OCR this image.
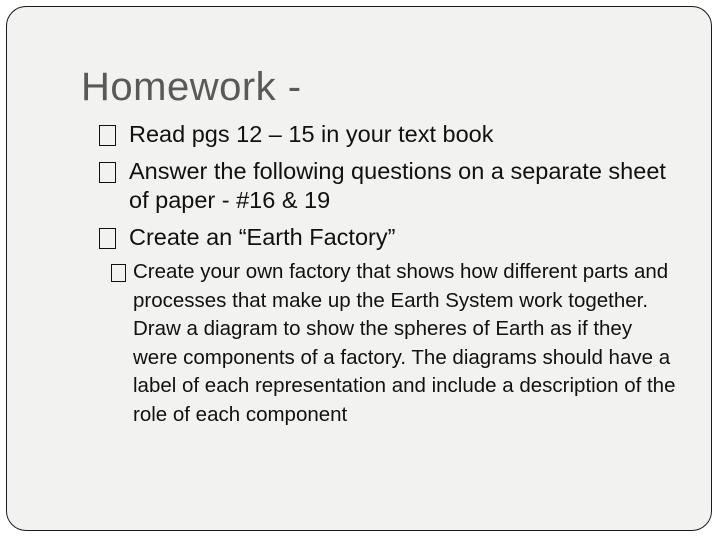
Homework -
Read pgs 12 – 15 in your text book
Answer the following questions on a separate sheet of paper - #16 & 19
Create an “Earth Factory”
Create your own factory that shows how different parts and processes that make up the Earth System work together. Draw a diagram to show the spheres of Earth as if they were components of a factory. The diagrams should have a label of each representation and include a description of the role of each component
